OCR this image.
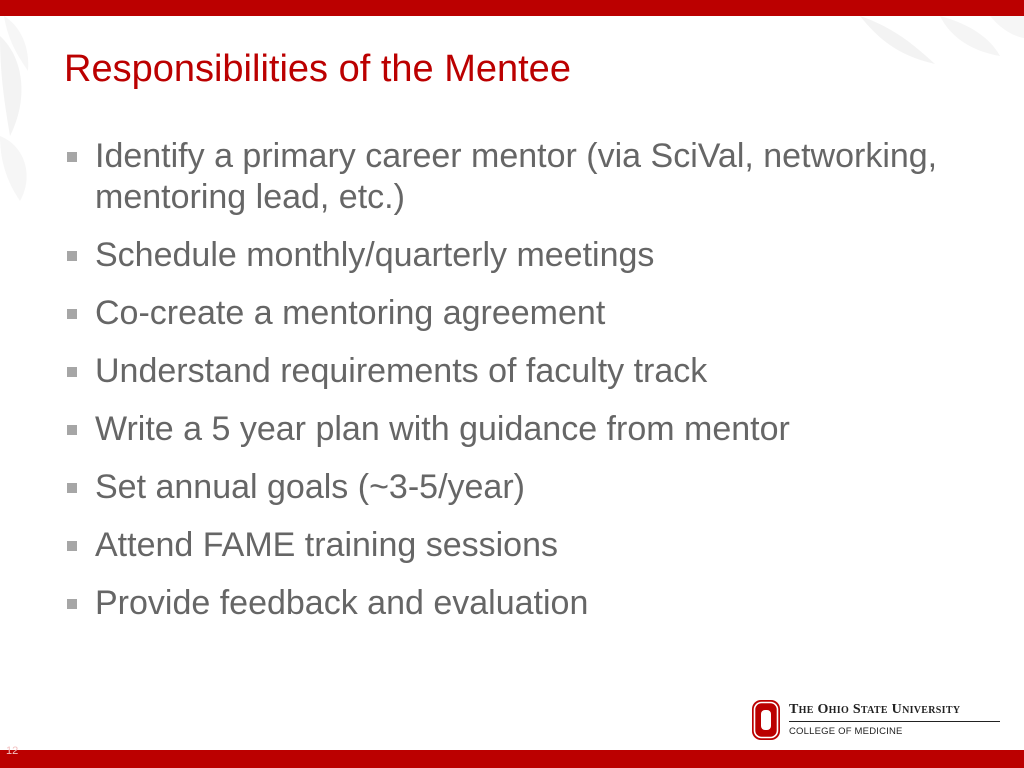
Responsibilities of the Mentee
Identify a primary career mentor (via SciVal, networking, mentoring lead, etc.)
Schedule monthly/quarterly meetings
Co-create a mentoring agreement
Understand requirements of faculty track
Write a 5 year plan with guidance from mentor
Set annual goals (~3-5/year)
Attend FAME training sessions
Provide feedback and evaluation
The Ohio State University
COLLEGE OF MEDICINE
12
